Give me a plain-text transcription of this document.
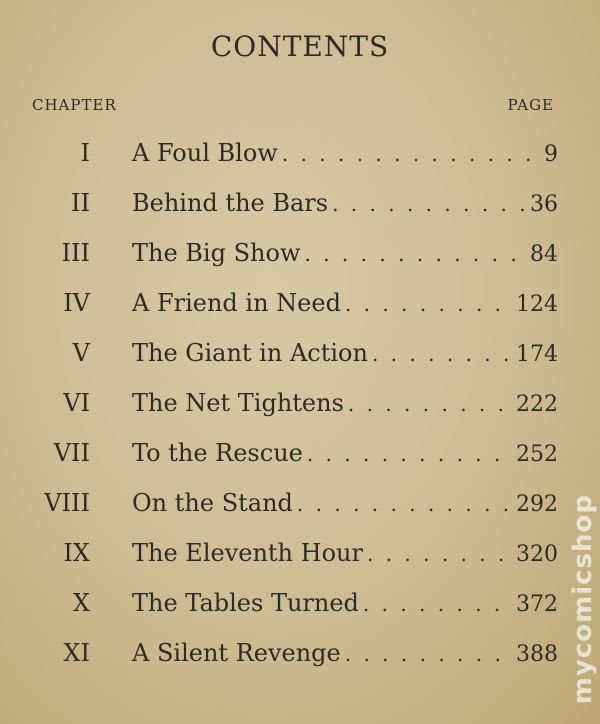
CONTENTS
CHAPTER	PAGE
I A Foul Blow . . .	9
II Behind the Bars . . .	36
III The Big Show . . .	84
IV A Friend in Need . . .	124
V The Giant in Action . . .	174
VI The Net Tightens . . .	222
VII To the Rescue . . .	252
VIII On the Stand . . .	292
IX The Eleventh Hour . . .	320
X The Tables Turned . . .	372
XI A Silent Revenge . . .	388 mycomicshop
